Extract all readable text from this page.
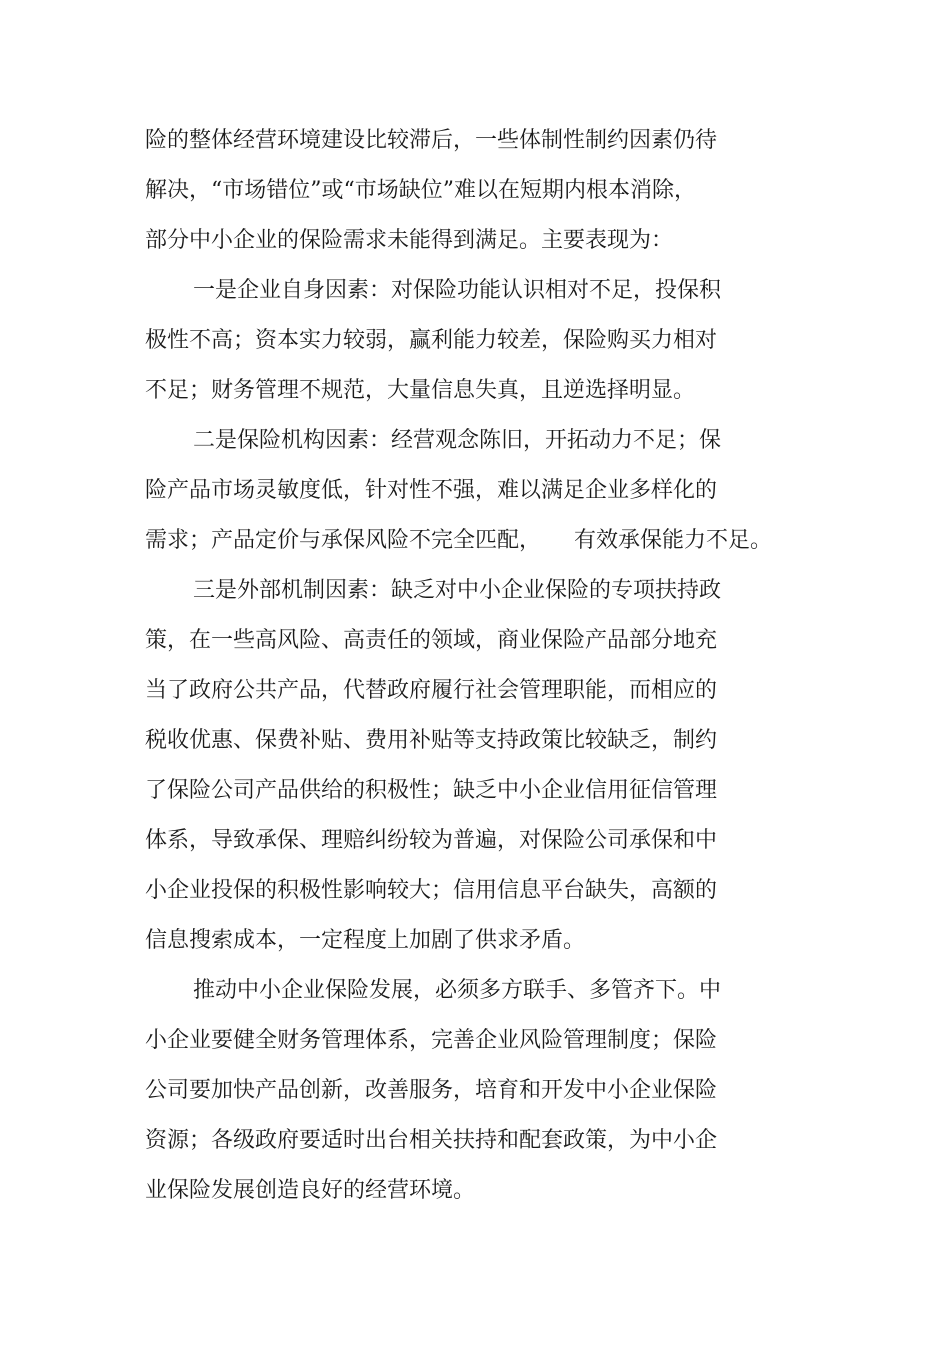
险的整体经营环境建设比较滞后，一些体制性制约因素仍待

解决，“市场错位”或“市场缺位”难以在短期内根本消除，

部分中小企业的保险需求未能得到满足。主要表现为：

一是企业自身因素：对保险功能认识相对不足，投保积

极性不高；资本实力较弱，赢利能力较差，保险购买力相对

不足；财务管理不规范，大量信息失真，且逆选择明显。

二是保险机构因素：经营观念陈旧，开拓动力不足；保

险产品市场灵敏度低，针对性不强，难以满足企业多样化的

需求；产品定价与承保风险不完全匹配，　　有效承保能力不足。

三是外部机制因素：缺乏对中小企业保险的专项扶持政

策，在一些高风险、高责任的领域，商业保险产品部分地充

当了政府公共产品，代替政府履行社会管理职能，而相应的

税收优惠、保费补贴、费用补贴等支持政策比较缺乏，制约

了保险公司产品供给的积极性；缺乏中小企业信用征信管理

体系，导致承保、理赔纠纷较为普遍，对保险公司承保和中

小企业投保的积极性影响较大；信用信息平台缺失，高额的

信息搜索成本，一定程度上加剧了供求矛盾。

推动中小企业保险发展，必须多方联手、多管齐下。中

小企业要健全财务管理体系，完善企业风险管理制度；保险

公司要加快产品创新，改善服务，培育和开发中小企业保险

资源；各级政府要适时出台相关扶持和配套政策，为中小企

业保险发展创造良好的经营环境。
